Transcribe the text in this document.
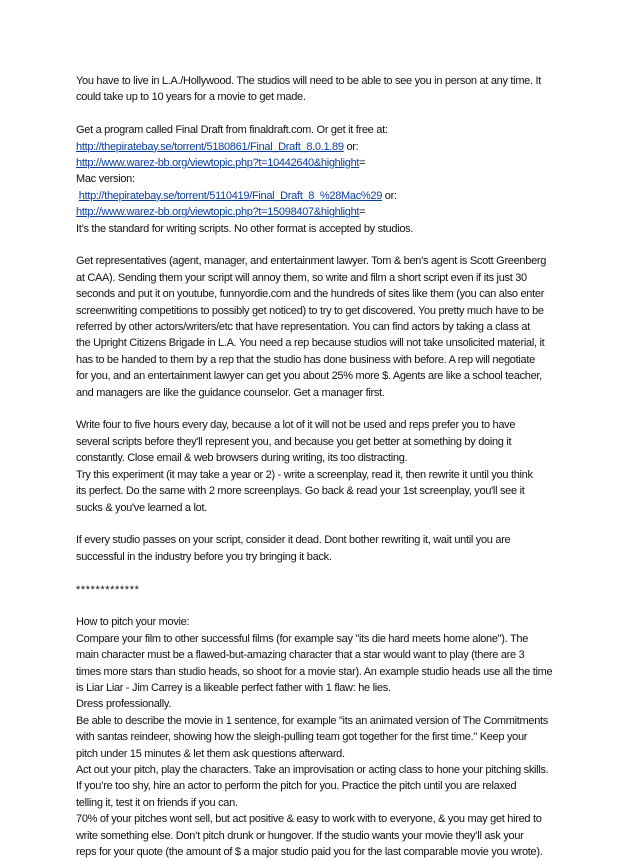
You have to live in L.A./Hollywood. The studios will need to be able to see you in person at any time. It
could take up to 10 years for a movie to get made.
Get a program called Final Draft from finaldraft.com. Or get it free at:
http://thepiratebay.se/torrent/5180861/Final_Draft_8.0.1.89 or:
http://www.warez-bb.org/viewtopic.php?t=10442640&highlight=
Mac version:
http://thepiratebay.se/torrent/5110419/Final_Draft_8_%28Mac%29 or:
http://www.warez-bb.org/viewtopic.php?t=15098407&highlight=
It’s the standard for writing scripts. No other format is accepted by studios.
Get representatives (agent, manager, and entertainment lawyer. Tom & ben’s agent is Scott Greenberg
at CAA). Sending them your script will annoy them, so write and film a short script even if its just 30
seconds and put it on youtube, funnyordie.com and the hundreds of sites like them (you can also enter
screenwriting competitions to possibly get noticed) to try to get discovered. You pretty much have to be
referred by other actors/writers/etc that have representation. You can find actors by taking a class at
the Upright Citizens Brigade in L.A. You need a rep because studios will not take unsolicited material, it
has to be handed to them by a rep that the studio has done business with before. A rep will negotiate
for you, and an entertainment lawyer can get you about 25% more $. Agents are like a school teacher,
and managers are like the guidance counselor. Get a manager first.
Write four to five hours every day, because a lot of it will not be used and reps prefer you to have
several scripts before they'll represent you, and because you get better at something by doing it
constantly. Close email & web browsers during writing, its too distracting.
Try this experiment (it may take a year or 2) - write a screenplay, read it, then rewrite it until you think
its perfect. Do the same with 2 more screenplays. Go back & read your 1st screenplay, you'll see it
sucks & you've learned a lot.
If every studio passes on your script, consider it dead. Dont bother rewriting it, wait until you are
successful in the industry before you try bringing it back.
*************
How to pitch your movie:
Compare your film to other successful films (for example say "its die hard meets home alone"). The
main character must be a flawed-but-amazing character that a star would want to play (there are 3
times more stars than studio heads, so shoot for a movie star). An example studio heads use all the time
is Liar Liar - Jim Carrey is a likeable perfect father with 1 flaw: he lies.
Dress professionally.
Be able to describe the movie in 1 sentence, for example "its an animated version of The Commitments
with santas reindeer, showing how the sleigh-pulling team got together for the first time." Keep your
pitch under 15 minutes & let them ask questions afterward.
Act out your pitch, play the characters. Take an improvisation or acting class to hone your pitching skills.
If you’re too shy, hire an actor to perform the pitch for you. Practice the pitch until you are relaxed
telling it, test it on friends if you can.
70% of your pitches wont sell, but act positive & easy to work with to everyone, & you may get hired to
write something else. Don’t pitch drunk or hungover. If the studio wants your movie they’ll ask your
reps for your quote (the amount of $ a major studio paid you for the last comparable movie you wrote).
